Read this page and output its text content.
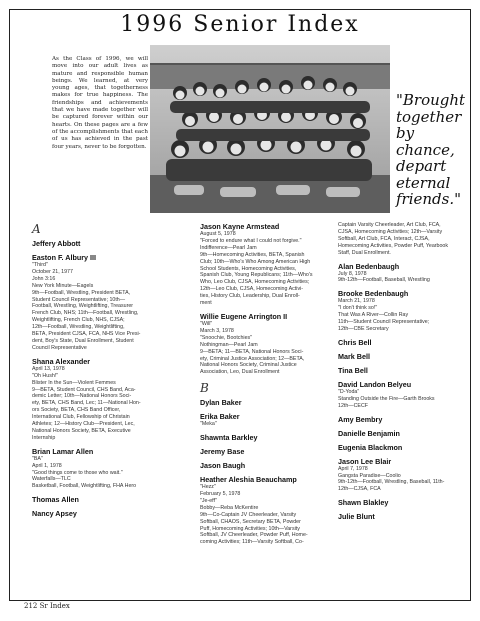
1996 Senior Index
As the Class of 1996, we will move into our adult lives as mature and responsible human beings. We learned, at very young ages, that togetherness makes for true happiness. The friendships and achievements that we have made together will be captured forever within our hearts. On these pages are a few of the accomplishments that each of us has achieved in the past four years, never to be forgotten.
"Brought together by chance, depart eternal friends."
A
Jeffery Abbott
Easton F. Albury III
"Third"
October 21, 1977
John 3:16
New York Minute—Eagels
9th—Football, Wrestling, President BETA,
Student Council Representative; 10th—
Football, Wrestling, Weightlifting, Treasurer
French Club, NHS; 11th—Football, Wrestling,
Weightlifting, French Club, NHS, CJSA;
12th—Football, Wrestling, Weightlifting,
BETA, President CJSA, FCA, NHS Vice Presi-
dent, Boy's State, Dual Enrollment, Student
Council Representative
Shana Alexander
April 13, 1978
"Oh Hush!"
Blister In the Sun—Violent Femmes
9—BETA, Student Council, CHS Band, Aca-
demic Letter; 10th—National Honors Soci-
ety, BETA, CHS Band, Lec; 11—National Hon-
ors Society, BETA, CHS Band Officer,
International Club, Fellowship of Christain
Athletes; 12—History Club—President, Lec,
National Honors Society, BETA, Executive
Internship
Brian Lamar Allen
"BA"
April 1, 1978
"Good things come to those who wait."
Waterfalls—TLC
Basketball, Football, Weightlifting, FHA Hero
Thomas Allen
Nancy Apsey
Jason Kayne Armstead
August 5, 1978
"Forced to endure what I could not forgive."
Indifference—Pearl Jam
9th—Homecoming Activities, BETA, Spanish
Club; 10th—Who's Who Among American High
School Students, Homecoming Activities,
Spanish Club, Young Republicans; 11th—Who's
Who, Leo Club, CJSA, Homecoming Activities;
12th—Leo Club, CJSA, Homecoming Activi-
ties, History Club, Leadership, Dual Enroll-
ment
Willie Eugene Arrington II
"Will"
March 3, 1978
"Snoochie, Bootchies"
Nothingman—Pearl Jam
9—BETA; 11—BETA, National Honors Soci-
ety, Criminal Justice Association; 12—BETA,
National Honors Society, Criminal Justice
Association, Leo, Dual Enrollment
B
Dylan Baker
Erika Baker
"Meka"
Shawnta Barkley
Jeremy Base
Jason Baugh
Heather Aleshia Beauchamp
"Hezz"
February 5, 1978
"Je-eff"
Bobby—Reba McKentire
9th—Co-Captain JV Cheerleader, Varsity
Softball, CHAOS, Secretary BETA, Powder
Puff, Homecoming Activities; 10th—Varsity
Softball, JV Cheerleader, Powder Puff, Home-
coming Activities; 11th—Varsity Softball, Co-
Captain Varsity Cheerleader, Art Club, FCA,
CJSA, Homecoming Activities; 12th—Varsity
Softball, Art Club, FCA, Interact, CJSA,
Homecoming Activities, Powder Puff, Yearbook
Staff, Dual Enrollment.
Alan Bedenbaugh
July 8, 1978
9th-12th—Football, Baseball, Wrestling
Brooke Bedenbaugh
March 21, 1978
"I don't think so!"
That Was A River—Collin Ray
11th—Student Council Representative;
12th—CBE Secretary
Chris Bell
Mark Bell
Tina Bell
David Landon Belyeu
"D-Yoda"
Standing Outside the Fire—Garth Brooks
12th—CECF
Amy Bembry
Danielle Benjamin
Eugenia Blackmon
Jason Lee Blair
April 7, 1978
Gangsta Paradise—Coolio
9th-12th—Football, Wrestling, Baseball, 11th-
12th—CJSA, FCA
Shawn Blakley
Julie Blunt
212 Sr Index
